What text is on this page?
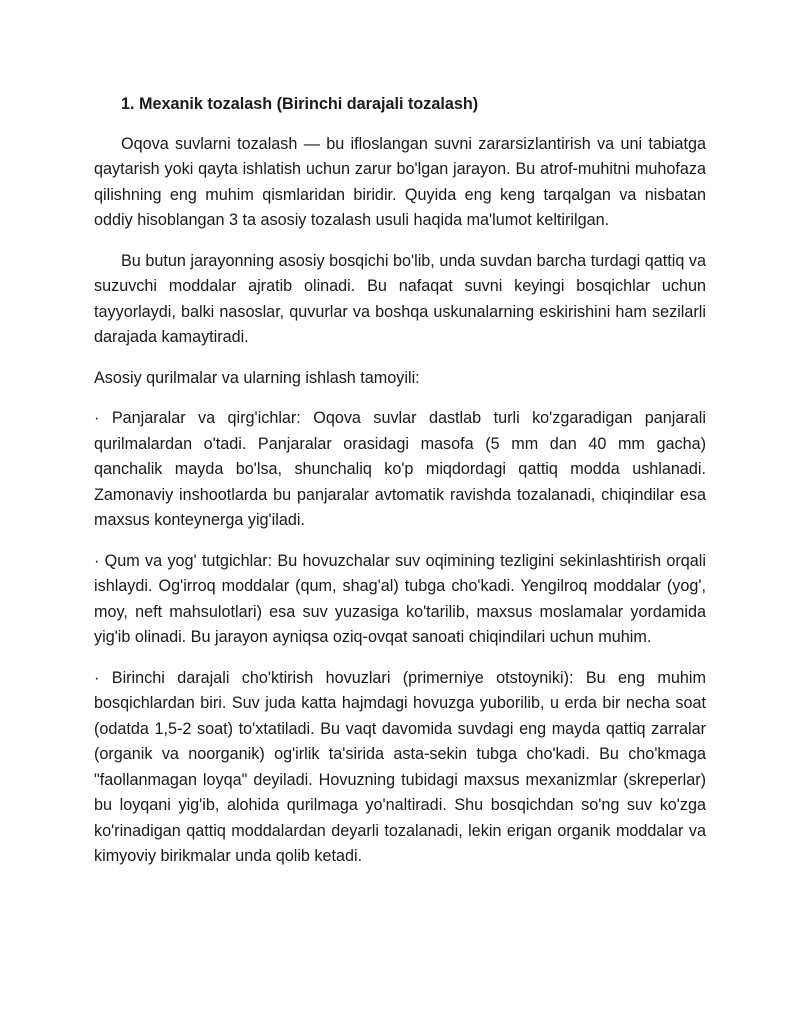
1. Mexanik tozalash (Birinchi darajali tozalash)

Oqova suvlarni tozalash — bu ifloslangan suvni zararsizlantirish va uni tabiatga qaytarish yoki qayta ishlatish uchun zarur bo'lgan jarayon. Bu atrof-muhitni muhofaza qilishning eng muhim qismlaridan biridir. Quyida eng keng tarqalgan va nisbatan oddiy hisoblangan 3 ta asosiy tozalash usuli haqida ma'lumot keltirilgan.

Bu butun jarayonning asosiy bosqichi bo'lib, unda suvdan barcha turdagi qattiq va suzuvchi moddalar ajratib olinadi. Bu nafaqat suvni keyingi bosqichlar uchun tayyorlaydi, balki nasoslar, quvurlar va boshqa uskunalarning eskirishini ham sezilarli darajada kamaytiradi.

Asosiy qurilmalar va ularning ishlash tamoyili:

· Panjaralar va qirg'ichlar: Oqova suvlar dastlab turli ko'zgaradigan panjarali qurilmalardan o'tadi. Panjaralar orasidagi masofa (5 mm dan 40 mm gacha) qanchalik mayda bo'lsa, shunchaliq ko'p miqdordagi qattiq modda ushlanadi. Zamonaviy inshootlarda bu panjaralar avtomatik ravishda tozalanadi, chiqindilar esa maxsus konteynerga yig'iladi.

· Qum va yog' tutgichlar: Bu hovuzchalar suv oqimining tezligini sekinlashtirish orqali ishlaydi. Og'irroq moddalar (qum, shag'al) tubga cho'kadi. Yengilroq moddalar (yog', moy, neft mahsulotlari) esa suv yuzasiga ko'tarilib, maxsus moslamalar yordamida yig'ib olinadi. Bu jarayon ayniqsa oziq-ovqat sanoati chiqindilari uchun muhim.

· Birinchi darajali cho'ktirish hovuzlari (primerniye otstoyniki): Bu eng muhim bosqichlardan biri. Suv juda katta hajmdagi hovuzga yuborilib, u erda bir necha soat (odatda 1,5-2 soat) to'xtatiladi. Bu vaqt davomida suvdagi eng mayda qattiq zarralar (organik va noorganik) og'irlik ta'sirida asta-sekin tubga cho'kadi. Bu cho'kmaga "faollanmagan loyqa" deyiladi. Hovuzning tubidagi maxsus mexanizmlar (skreperlar) bu loyqani yig'ib, alohida qurilmaga yo'naltiradi. Shu bosqichdan so'ng suv ko'zga ko'rinadigan qattiq moddalardan deyarli tozalanadi, lekin erigan organik moddalar va kimyoviy birikmalar unda qolib ketadi.
